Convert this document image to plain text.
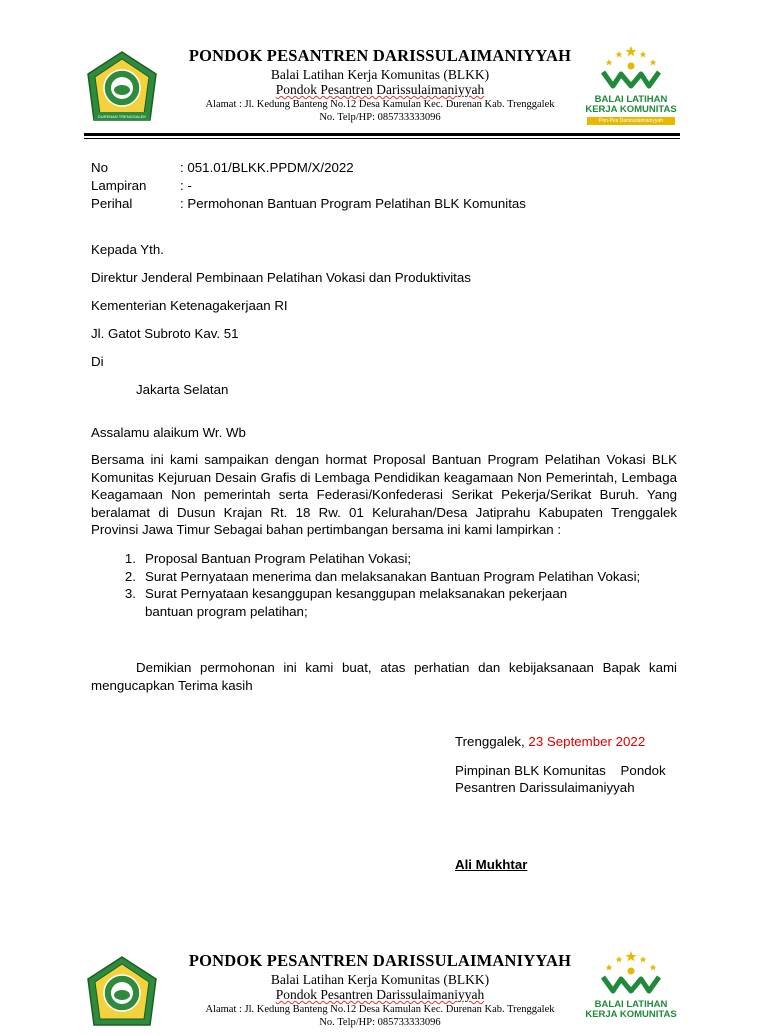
DURENAN TRENGGALEK
PONDOK PESANTREN DARISSULAIMANIYYAH
Balai Latihan Kerja Komunitas (BLKK)
Pondok Pesantren Darissulaimaniyyah
Alamat : Jl. Kedung Banteng No.12 Desa Kamulan Kec. Durenan Kab. Trenggalek
No. Telp/HP: 085733333096
BALAI LATIHAN
KERJA KOMUNITAS
Pon-Pes Darissulaimaniyyah
No	: 051.01/BLKK.PPDM/X/2022
Lampiran	: -
Perihal	: Permohonan Bantuan Program Pelatihan BLK Komunitas
Kepada Yth.
Direktur Jenderal Pembinaan Pelatihan Vokasi dan Produktivitas
Kementerian Ketenagakerjaan RI
Jl. Gatot Subroto Kav. 51
Di
Jakarta Selatan
Assalamu alaikum Wr. Wb
Bersama ini kami sampaikan dengan hormat Proposal Bantuan Program Pelatihan Vokasi BLK Komunitas Kejuruan Desain Grafis di Lembaga Pendidikan keagamaan Non Pemerintah, Lembaga Keagamaan Non pemerintah serta Federasi/Konfederasi Serikat Pekerja/Serikat Buruh. Yang beralamat di Dusun Krajan Rt. 18 Rw. 01 Kelurahan/Desa Jatiprahu Kabupaten Trenggalek Provinsi Jawa Timur Sebagai bahan pertimbangan bersama ini kami lampirkan :
1. Proposal Bantuan Program Pelatihan Vokasi;
2. Surat Pernyataan menerima dan melaksanakan Bantuan Program Pelatihan Vokasi;
3. Surat Pernyataan kesanggupan kesanggupan melaksanakan pekerjaan
bantuan program pelatihan;
Demikian permohonan ini kami buat, atas perhatian dan kebijaksanaan Bapak kami mengucapkan Terima kasih
Trenggalek, 23 September 2022
Pimpinan BLK Komunitas    Pondok
Pesantren Darissulaimaniyyah
Ali Mukhtar
PONDOK PESANTREN DARISSULAIMANIYYAH
Balai Latihan Kerja Komunitas (BLKK)
Pondok Pesantren Darissulaimaniyyah
Alamat : Jl. Kedung Banteng No.12 Desa Kamulan Kec. Durenan Kab. Trenggalek
No. Telp/HP: 085733333096
BALAI LATIHAN
KERJA KOMUNITAS
